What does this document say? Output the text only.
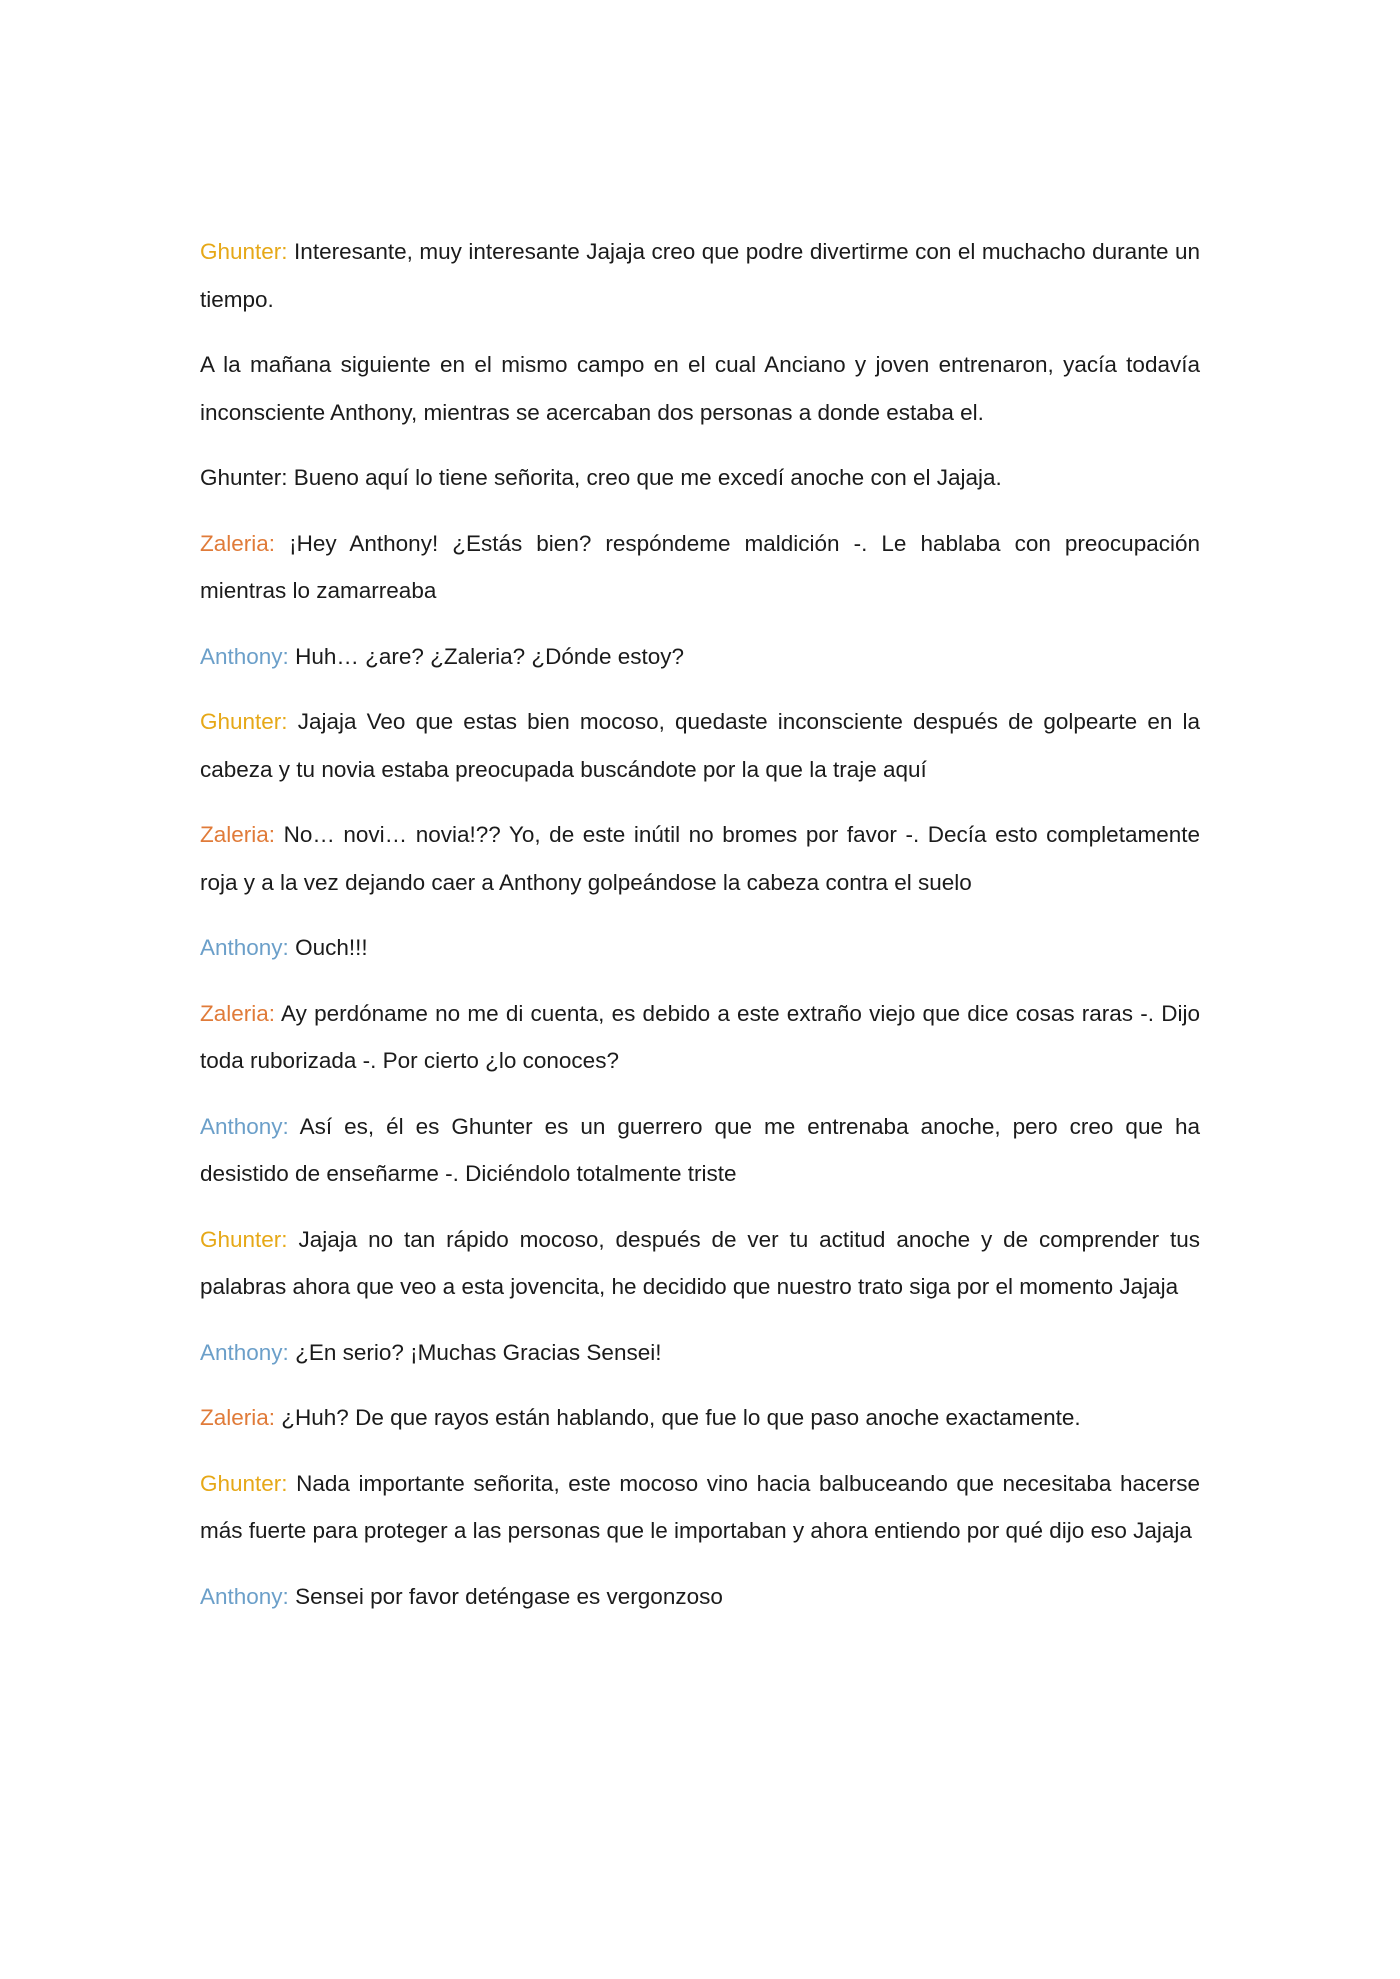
Ghunter: Interesante, muy interesante Jajaja creo que podre divertirme con el muchacho durante un tiempo.

A la mañana siguiente en el mismo campo en el cual Anciano y joven entrenaron, yacía todavía inconsciente Anthony, mientras se acercaban dos personas a donde estaba el.

Ghunter: Bueno aquí lo tiene señorita, creo que me excedí anoche con el Jajaja.

Zaleria: ¡Hey Anthony! ¿Estás bien? respóndeme maldición -. Le hablaba con preocupación mientras lo zamarreaba

Anthony: Huh… ¿are? ¿Zaleria? ¿Dónde estoy?

Ghunter: Jajaja Veo que estas bien mocoso, quedaste inconsciente después de golpearte en la cabeza y tu novia estaba preocupada buscándote por la que la traje aquí

Zaleria: No… novi… novia!?? Yo, de este inútil no bromes por favor -. Decía esto completamente roja y a la vez dejando caer a Anthony golpeándose la cabeza contra el suelo

Anthony: Ouch!!!

Zaleria: Ay perdóname no me di cuenta, es debido a este extraño viejo que dice cosas raras -. Dijo toda ruborizada -. Por cierto ¿lo conoces?

Anthony: Así es, él es Ghunter es un guerrero que me entrenaba anoche, pero creo que ha desistido de enseñarme -. Diciéndolo totalmente triste

Ghunter: Jajaja no tan rápido mocoso, después de ver tu actitud anoche y de comprender tus palabras ahora que veo a esta jovencita, he decidido que nuestro trato siga por el momento Jajaja

Anthony: ¿En serio? ¡Muchas Gracias Sensei!

Zaleria: ¿Huh? De que rayos están hablando, que fue lo que paso anoche exactamente.

Ghunter: Nada importante señorita, este mocoso vino hacia balbuceando que necesitaba hacerse más fuerte para proteger a las personas que le importaban y ahora entiendo por qué dijo eso Jajaja

Anthony: Sensei por favor deténgase es vergonzoso
